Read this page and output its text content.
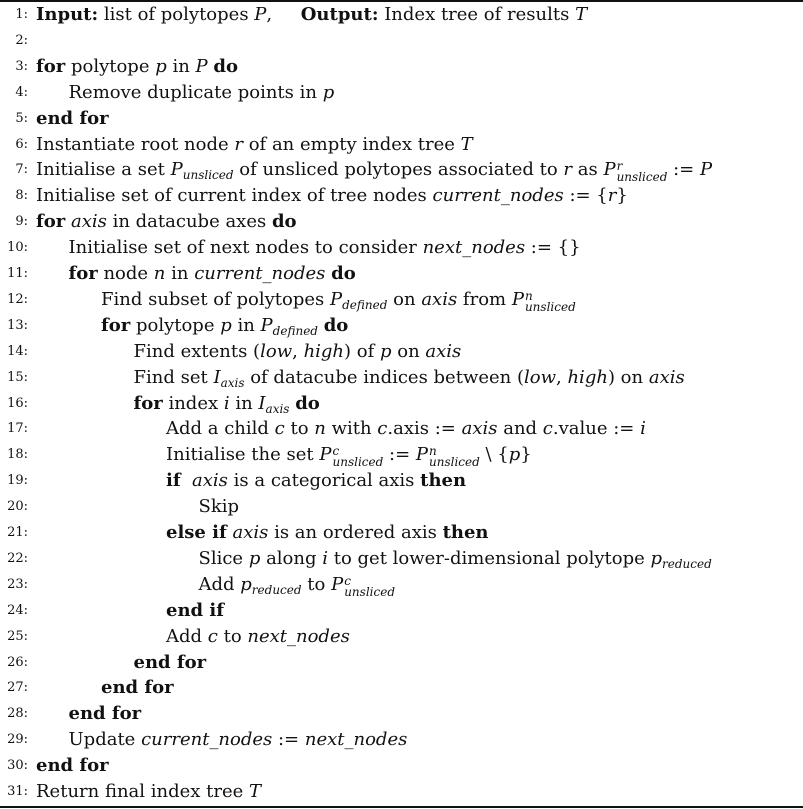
1: Input: list of polytopes P,     Output: Index tree of results T
2:
3: for polytope p in P do
4: Remove duplicate points in p
5: end for
6: Instantiate root node r of an empty index tree T
7: Initialise a set $P_{unsliced}$ of unsliced polytopes associated to r as P r
unsliced := P
8: Initialise set of current index of tree nodes current_nodes := {r}
9: for axis in datacube axes do
10: Initialise set of next nodes to consider next_nodes := {}
11: for node n in current_nodes do
12:	Find subset of polytopes $P_{defined}$ on axis from P n
unsliced
13:	for polytope p in $P_{defined}$ do
14:	Find extents (low, high) of p on axis
15:	Find set $I_{axis}$ of datacube indices between (low, high) on axis
16:	for index i in $I_{axis}$ do
17:	Add a child c to n with c.axis := axis and c.value := i
18:	Initialise the set P c
unsliced := P n
unsliced \ {p}
19:	if axis is a categorical axis then
20:	Skip
21:	else if axis is an ordered axis then
22:	Slice p along i to get lower-dimensional polytope $p_{reduced}$
23:	Add $p_{reduced}$ to P c
unsliced
24:	end if
25:	Add c to next_nodes
26:	end for
27:	end for
28: end for
29: Update current_nodes := next_nodes
30: end for
31: Return final index tree T
